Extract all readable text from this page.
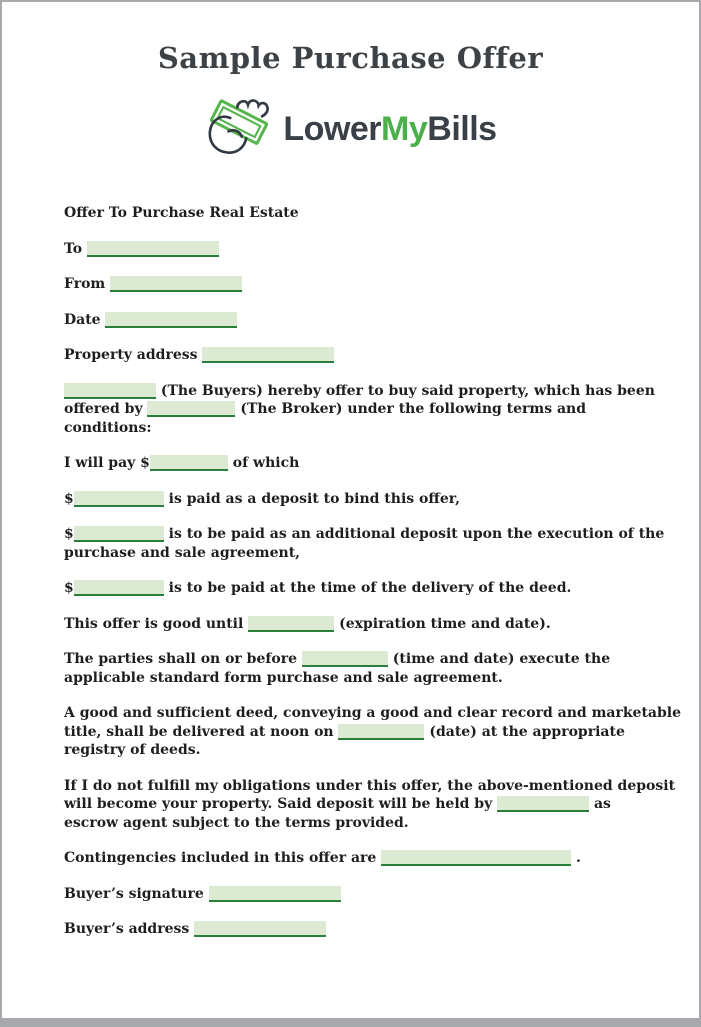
Sample Purchase Offer
LowerMyBills

Offer To Purchase Real Estate

To

From

Date

Property address

(The Buyers) hereby offer to buy said property, which has been
offered by	(The Broker) under the following terms and
conditions:

I will pay $	of which

$	is paid as a deposit to bind this offer,

$	is to be paid as an additional deposit upon the execution of the
purchase and sale agreement,

$	is to be paid at the time of the delivery of the deed.

This offer is good until	(expiration time and date).

The parties shall on or before	(time and date) execute the
applicable standard form purchase and sale agreement.

A good and sufficient deed, conveying a good and clear record and marketable
title, shall be delivered at noon on	(date) at the appropriate
registry of deeds.

If I do not fulfill my obligations under this offer, the above-mentioned deposit
will become your property. Said deposit will be held by	as
escrow agent subject to the terms provided.

Contingencies included in this offer are	.

Buyer’s signature

Buyer’s address
